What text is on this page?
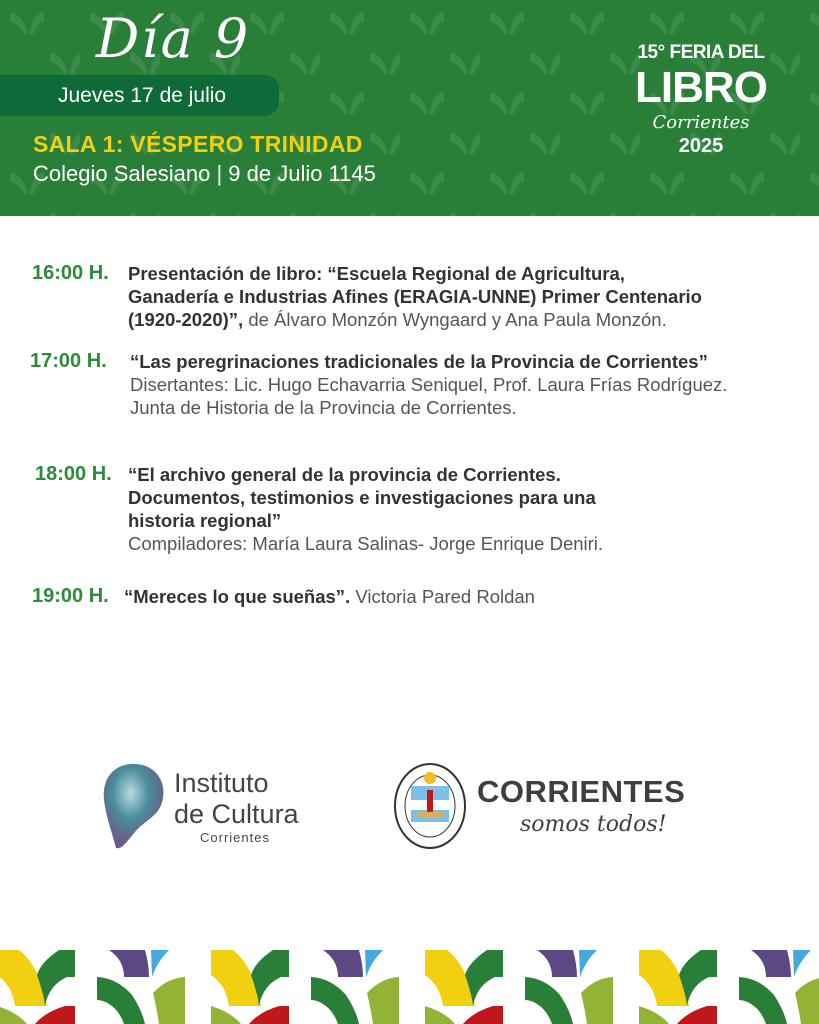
Día 9
Jueves 17 de julio
SALA 1: VÉSPERO TRINIDAD
Colegio Salesiano | 9 de Julio 1145
15° FERIA DEL
LIBRO
Corrientes
2025
16:00 H. Presentación de libro: “Escuela Regional de Agricultura,
Ganadería e Industrias Afines (ERAGIA-UNNE) Primer Centenario
(1920-2020)”, de Álvaro Monzón Wyngaard y Ana Paula Monzón.
17:00 H. “Las peregrinaciones tradicionales de la Provincia de Corrientes”
Disertantes: Lic. Hugo Echavarria Seniquel, Prof. Laura Frías Rodríguez.
Junta de Historia de la Provincia de Corrientes.
18:00 H. “El archivo general de la provincia de Corrientes.
Documentos, testimonios e investigaciones para una
historia regional”
Compiladores: María Laura Salinas- Jorge Enrique Deniri.
19:00 H. “Mereces lo que sueñas”. Victoria Pared Roldan
Instituto
de Cultura
Corrientes
CORRIENTES
somos todos!
